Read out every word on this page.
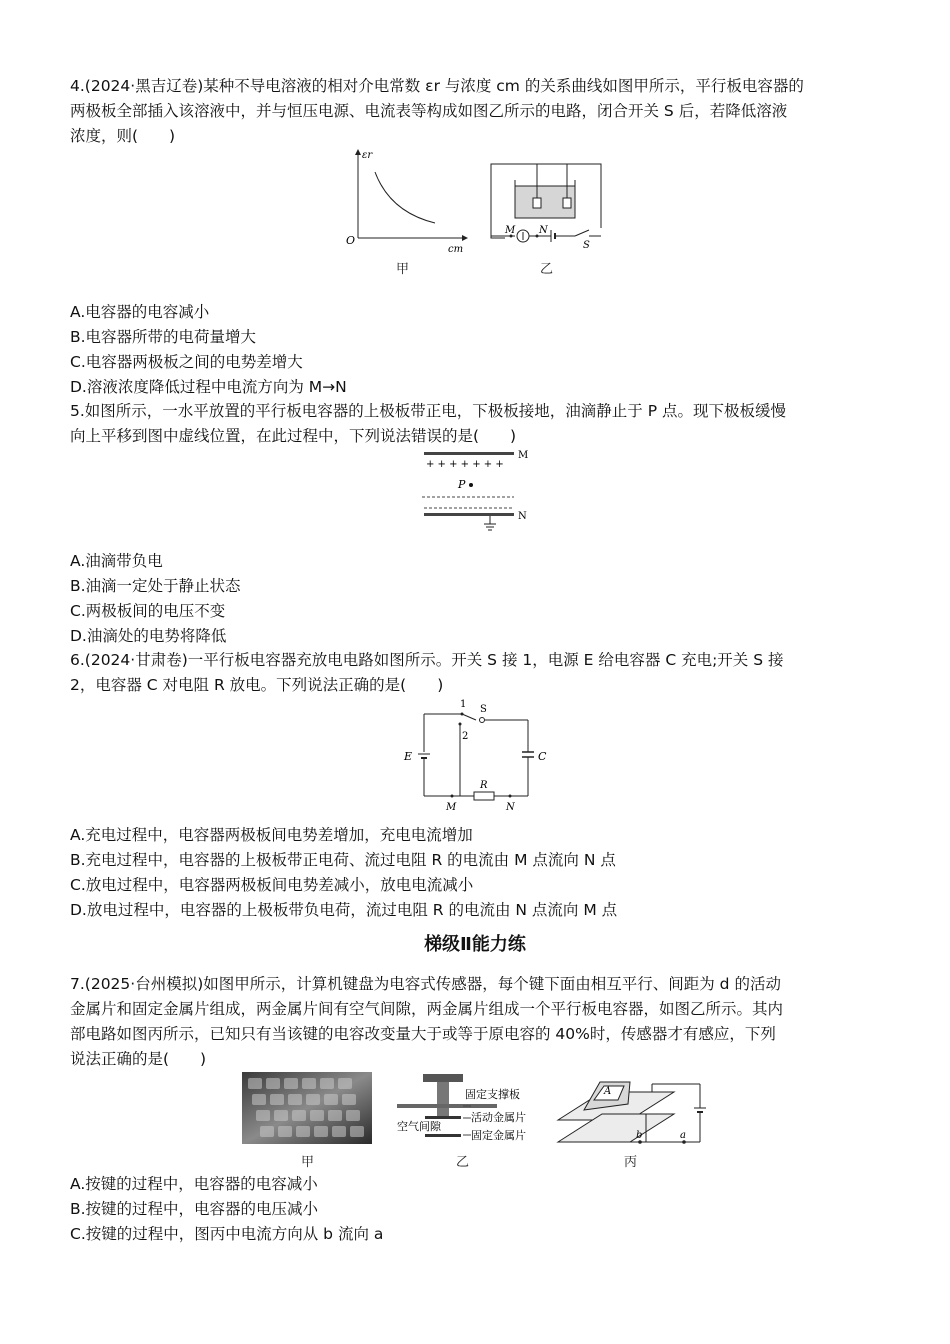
4.(2024·黑吉辽卷)某种不导电溶液的相对介电常数 εr 与浓度 cm 的关系曲线如图甲所示，平行板电容器的
两极板全部插入该溶液中，并与恒压电源、电流表等构成如图乙所示的电路，闭合开关 S 后，若降低溶液
浓度，则(　　)
εr
cm
O
甲
M N
S
乙
A.电容器的电容减小
B.电容器所带的电荷量增大
C.电容器两极板之间的电势差增大
D.溶液浓度降低过程中电流方向为 M→N
5.如图所示，一水平放置的平行板电容器的上极板带正电，下极板接地，油滴静止于 P 点。现下极板缓慢
向上平移到图中虚线位置，在此过程中，下列说法错误的是(　　)
+ + + + + + +
M
P
N
A.油滴带负电
B.油滴一定处于静止状态
C.两极板间的电压不变
D.油滴处的电势将降低
6.(2024·甘肃卷)一平行板电容器充放电电路如图所示。开关 S 接 1，电源 E 给电容器 C 充电;开关 S 接
2，电容器 C 对电阻 R 放电。下列说法正确的是(　　)
1
2
S
E	C
R
M	N
A.充电过程中，电容器两极板间电势差增加，充电电流增加
B.充电过程中，电容器的上极板带正电荷、流过电阻 R 的电流由 M 点流向 N 点
C.放电过程中，电容器两极板间电势差减小，放电电流减小
D.放电过程中，电容器的上极板带负电荷，流过电阻 R 的电流由 N 点流向 M 点
梯级Ⅱ能力练
7.(2025·台州模拟)如图甲所示，计算机键盘为电容式传感器，每个键下面由相互平行、间距为 d 的活动
金属片和固定金属片组成，两金属片间有空气间隙，两金属片组成一个平行板电容器，如图乙所示。其内
部电路如图丙所示，已知只有当该键的电容改变量大于或等于原电容的 40%时，传感器才有感应，下列
说法正确的是(　　)
甲
固定支撑板
活动金属片
空气间隙
固定金属片
乙
A
b	a
丙
A.按键的过程中，电容器的电容减小
B.按键的过程中，电容器的电压减小
C.按键的过程中，图丙中电流方向从 b 流向 a
